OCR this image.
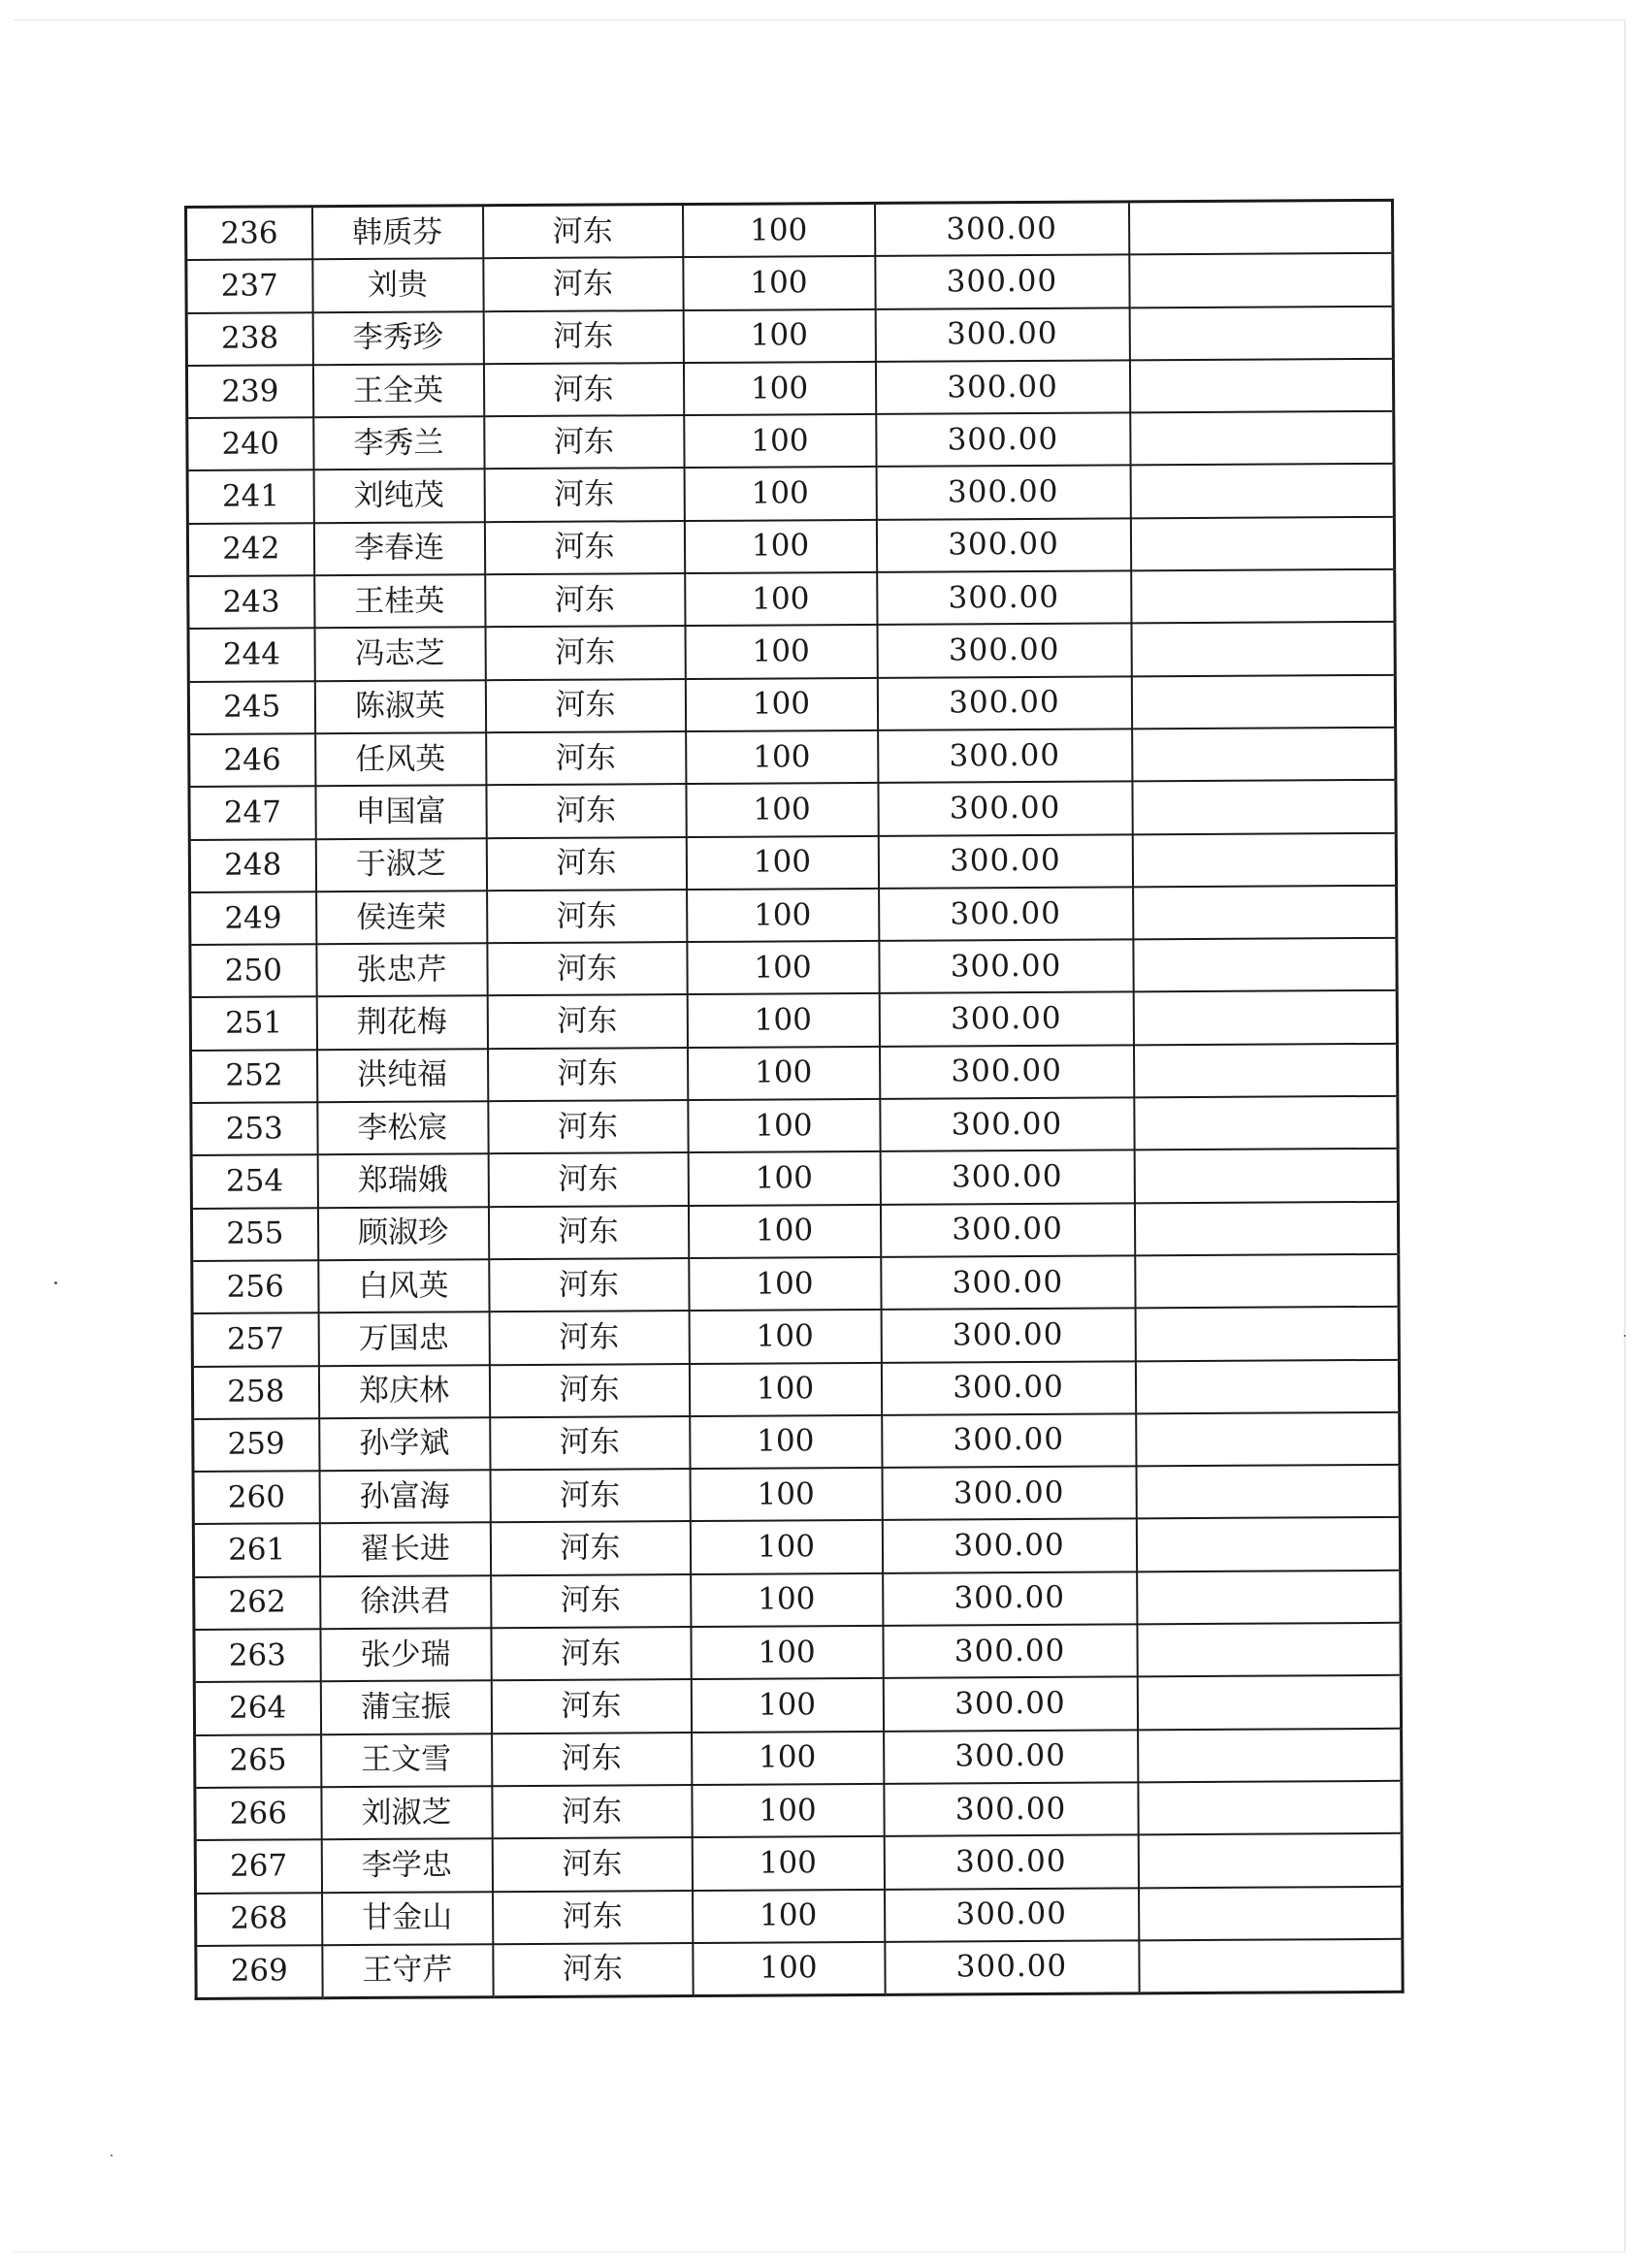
236	韩质芬	河东	100	300.00	
237	刘贵	河东	100	300.00	
238	李秀珍	河东	100	300.00	
239	王全英	河东	100	300.00	
240	李秀兰	河东	100	300.00	
241	刘纯茂	河东	100	300.00	
242	李春连	河东	100	300.00	
243	王桂英	河东	100	300.00	
244	冯志芝	河东	100	300.00	
245	陈淑英	河东	100	300.00	
246	任风英	河东	100	300.00	
247	申国富	河东	100	300.00	
248	于淑芝	河东	100	300.00	
249	侯连荣	河东	100	300.00	
250	张忠芹	河东	100	300.00	
251	荆花梅	河东	100	300.00	
252	洪纯福	河东	100	300.00	
253	李松宸	河东	100	300.00	
254	郑瑞娥	河东	100	300.00	
255	顾淑珍	河东	100	300.00	
256	白风英	河东	100	300.00	
257	万国忠	河东	100	300.00	
258	郑庆林	河东	100	300.00	
259	孙学斌	河东	100	300.00	
260	孙富海	河东	100	300.00	
261	翟长进	河东	100	300.00	
262	徐洪君	河东	100	300.00	
263	张少瑞	河东	100	300.00	
264	蒲宝振	河东	100	300.00	
265	王文雪	河东	100	300.00	
266	刘淑芝	河东	100	300.00	
267	李学忠	河东	100	300.00	
268	甘金山	河东	100	300.00	
269	王守芹	河东	100	300.00	
